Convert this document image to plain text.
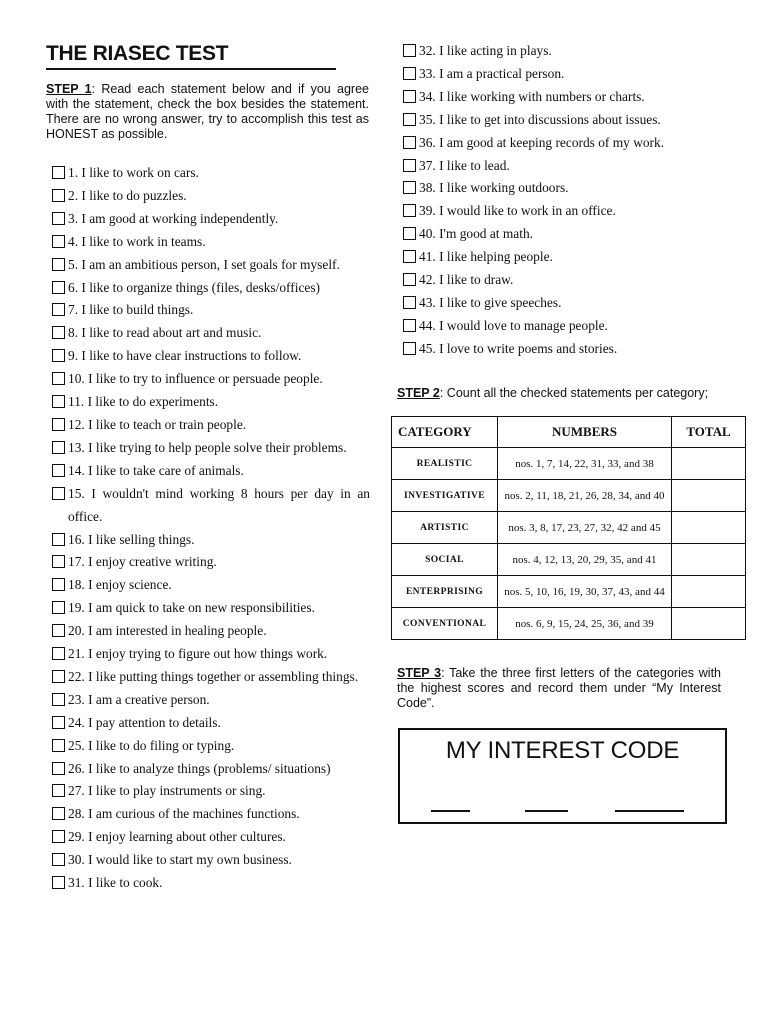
THE RIASEC TEST
STEP 1: Read each statement below and if you agree with the statement, check the box besides the statement. There are no wrong answer, try to accomplish this test as HONEST as possible.
1. I like to work on cars.
2. I like to do puzzles.
3. I am good at working independently.
4. I like to work in teams.
5. I am an ambitious person, I set goals for myself.
6. I like to organize things (files, desks/offices)
7. I like to build things.
8. I like to read about art and music.
9. I like to have clear instructions to follow.
10. I like to try to influence or persuade people.
11. I like to do experiments.
12. I like to teach or train people.
13. I like trying to help people solve their problems.
14. I like to take care of animals.
15. I wouldn't mind working 8 hours per day in an office.
16. I like selling things.
17. I enjoy creative writing.
18. I enjoy science.
19. I am quick to take on new responsibilities.
20. I am interested in healing people.
21. I enjoy trying to figure out how things work.
22. I like putting things together or assembling things.
23. I am a creative person.
24. I pay attention to details.
25. I like to do filing or typing.
26. I like to analyze things (problems/ situations)
27. I like to play instruments or sing.
28. I am curious of the machines functions.
29. I enjoy learning about other cultures.
30. I would like to start my own business.
31. I like to cook.
32. I like acting in plays.
33. I am a practical person.
34. I like working with numbers or charts.
35. I like to get into discussions about issues.
36. I am good at keeping records of my work.
37. I like to lead.
38. I like working outdoors.
39. I would like to work in an office.
40. I'm good at math.
41. I like helping people.
42. I like to draw.
43. I like to give speeches.
44. I would love to manage people.
45. I love to write poems and stories.
STEP 2: Count all the checked statements per category;
CATEGORY	NUMBERS	TOTAL
REALISTIC	nos. 1, 7, 14, 22, 31, 33, and 38	
INVESTIGATIVE	nos. 2, 11, 18, 21, 26, 28, 34, and 40	
ARTISTIC	nos. 3, 8, 17, 23, 27, 32, 42 and 45	
SOCIAL	nos. 4, 12, 13, 20, 29, 35, and 41	
ENTERPRISING	nos. 5, 10, 16, 19, 30, 37, 43, and 44	
CONVENTIONAL	nos. 6, 9, 15, 24, 25, 36, and 39	
STEP 3: Take the three first letters of the categories with the highest scores and record them under “My Interest Code”.
MY INTEREST CODE
